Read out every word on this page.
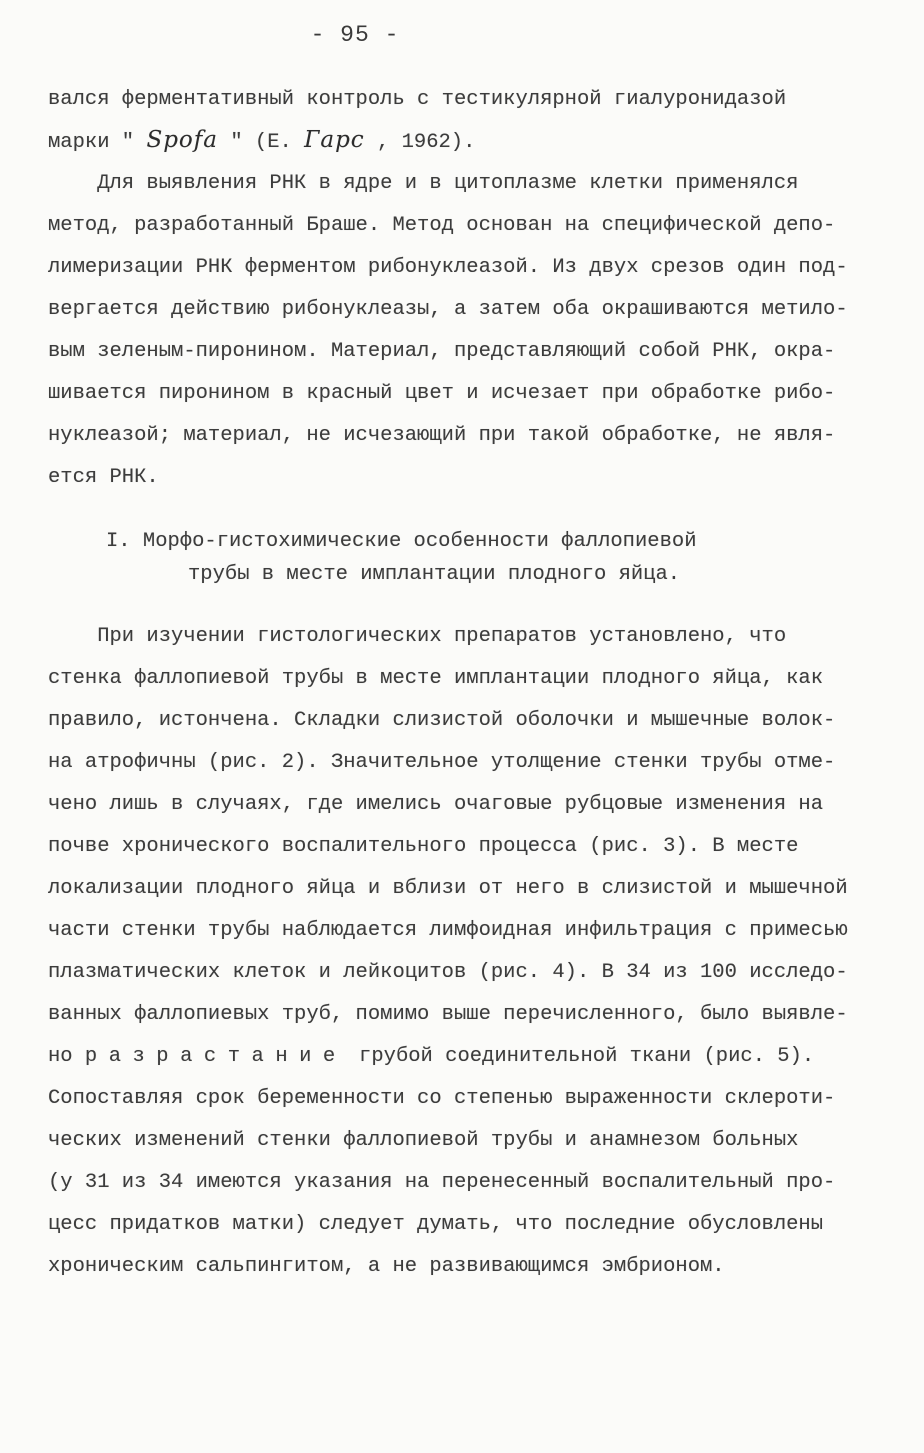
- 95 -
вался ферментативный контроль с тестикулярной гиалуронидазой
марки " Spofa " (Е. Гарс , 1962).
Для выявления РНК в ядре и в цитоплазме клетки применялся
метод, разработанный Браше. Метод основан на специфической депо-
лимеризации РНК ферментом рибонуклеазой. Из двух срезов один под-
вергается действию рибонуклеазы, а затем оба окрашиваются метило-
вым зеленым-пиронином. Материал, представляющий собой РНК, окра-
шивается пиронином в красный цвет и исчезает при обработке рибо-
нуклеазой; материал, не исчезающий при такой обработке, не явля-
ется РНК.
I. Морфо-гистохимические особенности фаллопиевой
трубы в месте имплантации плодного яйца.
При изучении гистологических препаратов установлено, что
стенка фаллопиевой трубы в месте имплантации плодного яйца, как
правило, истончена. Складки слизистой оболочки и мышечные волок-
на атрофичны (рис. 2). Значительное утолщение стенки трубы отме-
чено лишь в случаях, где имелись очаговые рубцовые изменения на
почве хронического воспалительного процесса (рис. 3). В месте
локализации плодного яйца и вблизи от него в слизистой и мышечной
части стенки трубы наблюдается лимфоидная инфильтрация с примесью
плазматических клеток и лейкоцитов (рис. 4). В 34 из 100 исследо-
ванных фаллопиевых труб, помимо выше перечисленного, было выявле-
но разрастание грубой соединительной ткани (рис. 5).
Сопоставляя срок беременности со степенью выраженности склероти-
ческих изменений стенки фаллопиевой трубы и анамнезом больных
(у 31 из 34 имеются указания на перенесенный воспалительный про-
цесс придатков матки) следует думать, что последние обусловлены
хроническим сальпингитом, а не развивающимся эмбрионом.
